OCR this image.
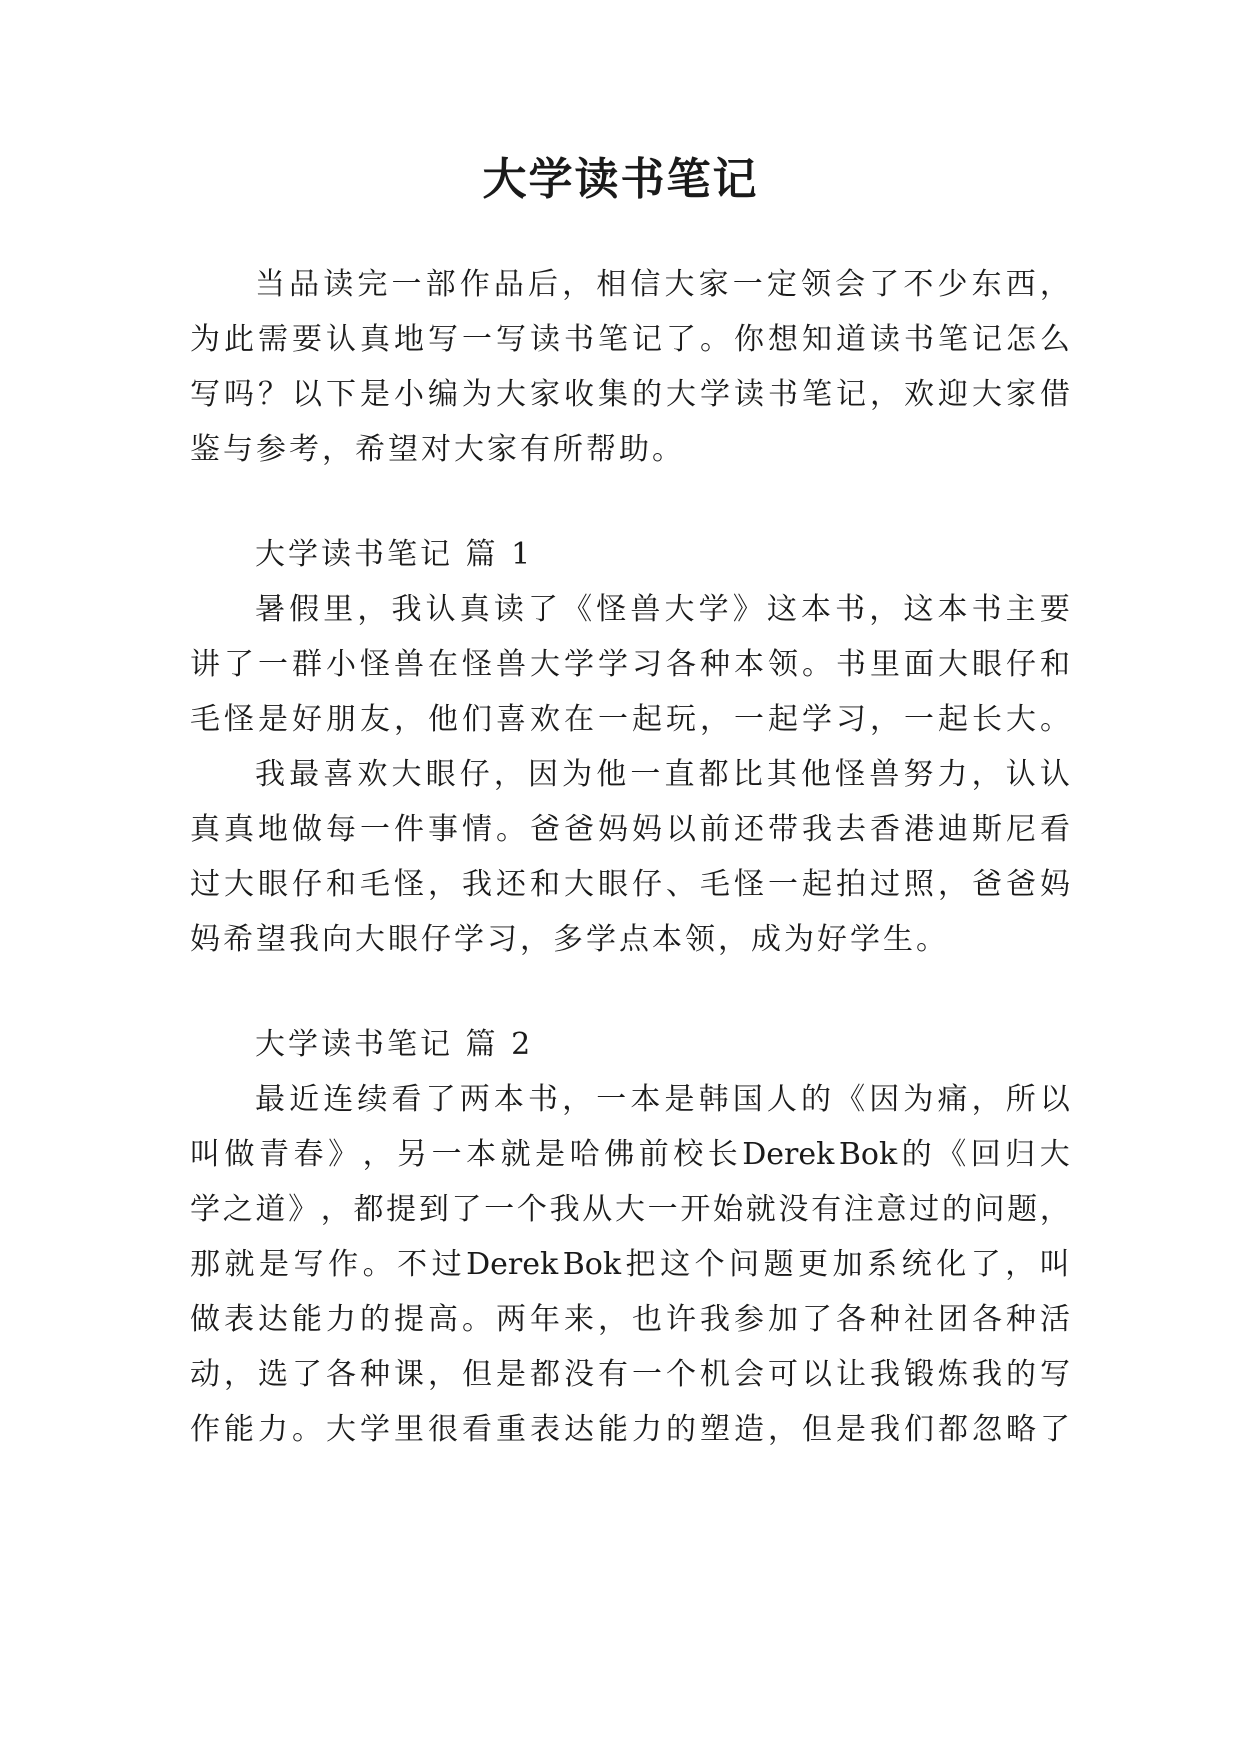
大学读书笔记

当 品 读 完 一 部 作 品 后 ， 相 信 大 家 一 定 领 会 了 不 少 东 西 ，

为 此 需 要 认 真 地 写 一 写 读 书 笔 记 了 。 你 想 知 道 读 书 笔 记 怎 么

写 吗 ？ 以 下 是 小 编 为 大 家 收 集 的 大 学 读 书 笔 记 ， 欢 迎 大 家 借

鉴与参考，希望对大家有所帮助。

大学读书笔记 篇 1

暑 假 里 ， 我 认 真 读 了 《 怪 兽 大 学 》 这 本 书 ， 这 本 书 主 要

讲 了 一 群 小 怪 兽 在 怪 兽 大 学 学 习 各 种 本 领 。 书 里 面 大 眼 仔 和

毛 怪 是 好 朋 友 ， 他 们 喜 欢 在 一 起 玩 ， 一 起 学 习 ， 一 起 长 大 。

我 最 喜 欢 大 眼 仔 ， 因 为 他 一 直 都 比 其 他 怪 兽 努 力 ， 认 认

真 真 地 做 每 一 件 事 情 。 爸 爸 妈 妈 以 前 还 带 我 去 香 港 迪 斯 尼 看

过 大 眼 仔 和 毛 怪 ， 我 还 和 大 眼 仔 、 毛 怪 一 起 拍 过 照 ， 爸 爸 妈

妈希望我向大眼仔学习，多学点本领，成为好学生。

大学读书笔记 篇 2

最 近 连 续 看 了 两 本 书 ， 一 本 是 韩 国 人 的 《 因 为 痛 ， 所 以

叫 做 青 春 》 ， 另 一 本 就 是 哈 佛 前 校 长 Derek Bok 的 《 回 归 大

学 之 道 》 ， 都 提 到 了 一 个 我 从 大 一 开 始 就 没 有 注 意 过 的 问 题 ，

那 就 是 写 作 。 不 过 Derek Bok 把 这 个 问 题 更 加 系 统 化 了 ， 叫

做 表 达 能 力 的 提 高 。 两 年 来 ， 也 许 我 参 加 了 各 种 社 团 各 种 活

动 ， 选 了 各 种 课 ， 但 是 都 没 有 一 个 机 会 可 以 让 我 锻 炼 我 的 写

作 能 力 。 大 学 里 很 看 重 表 达 能 力 的 塑 造 ， 但 是 我 们 都 忽 略 了
